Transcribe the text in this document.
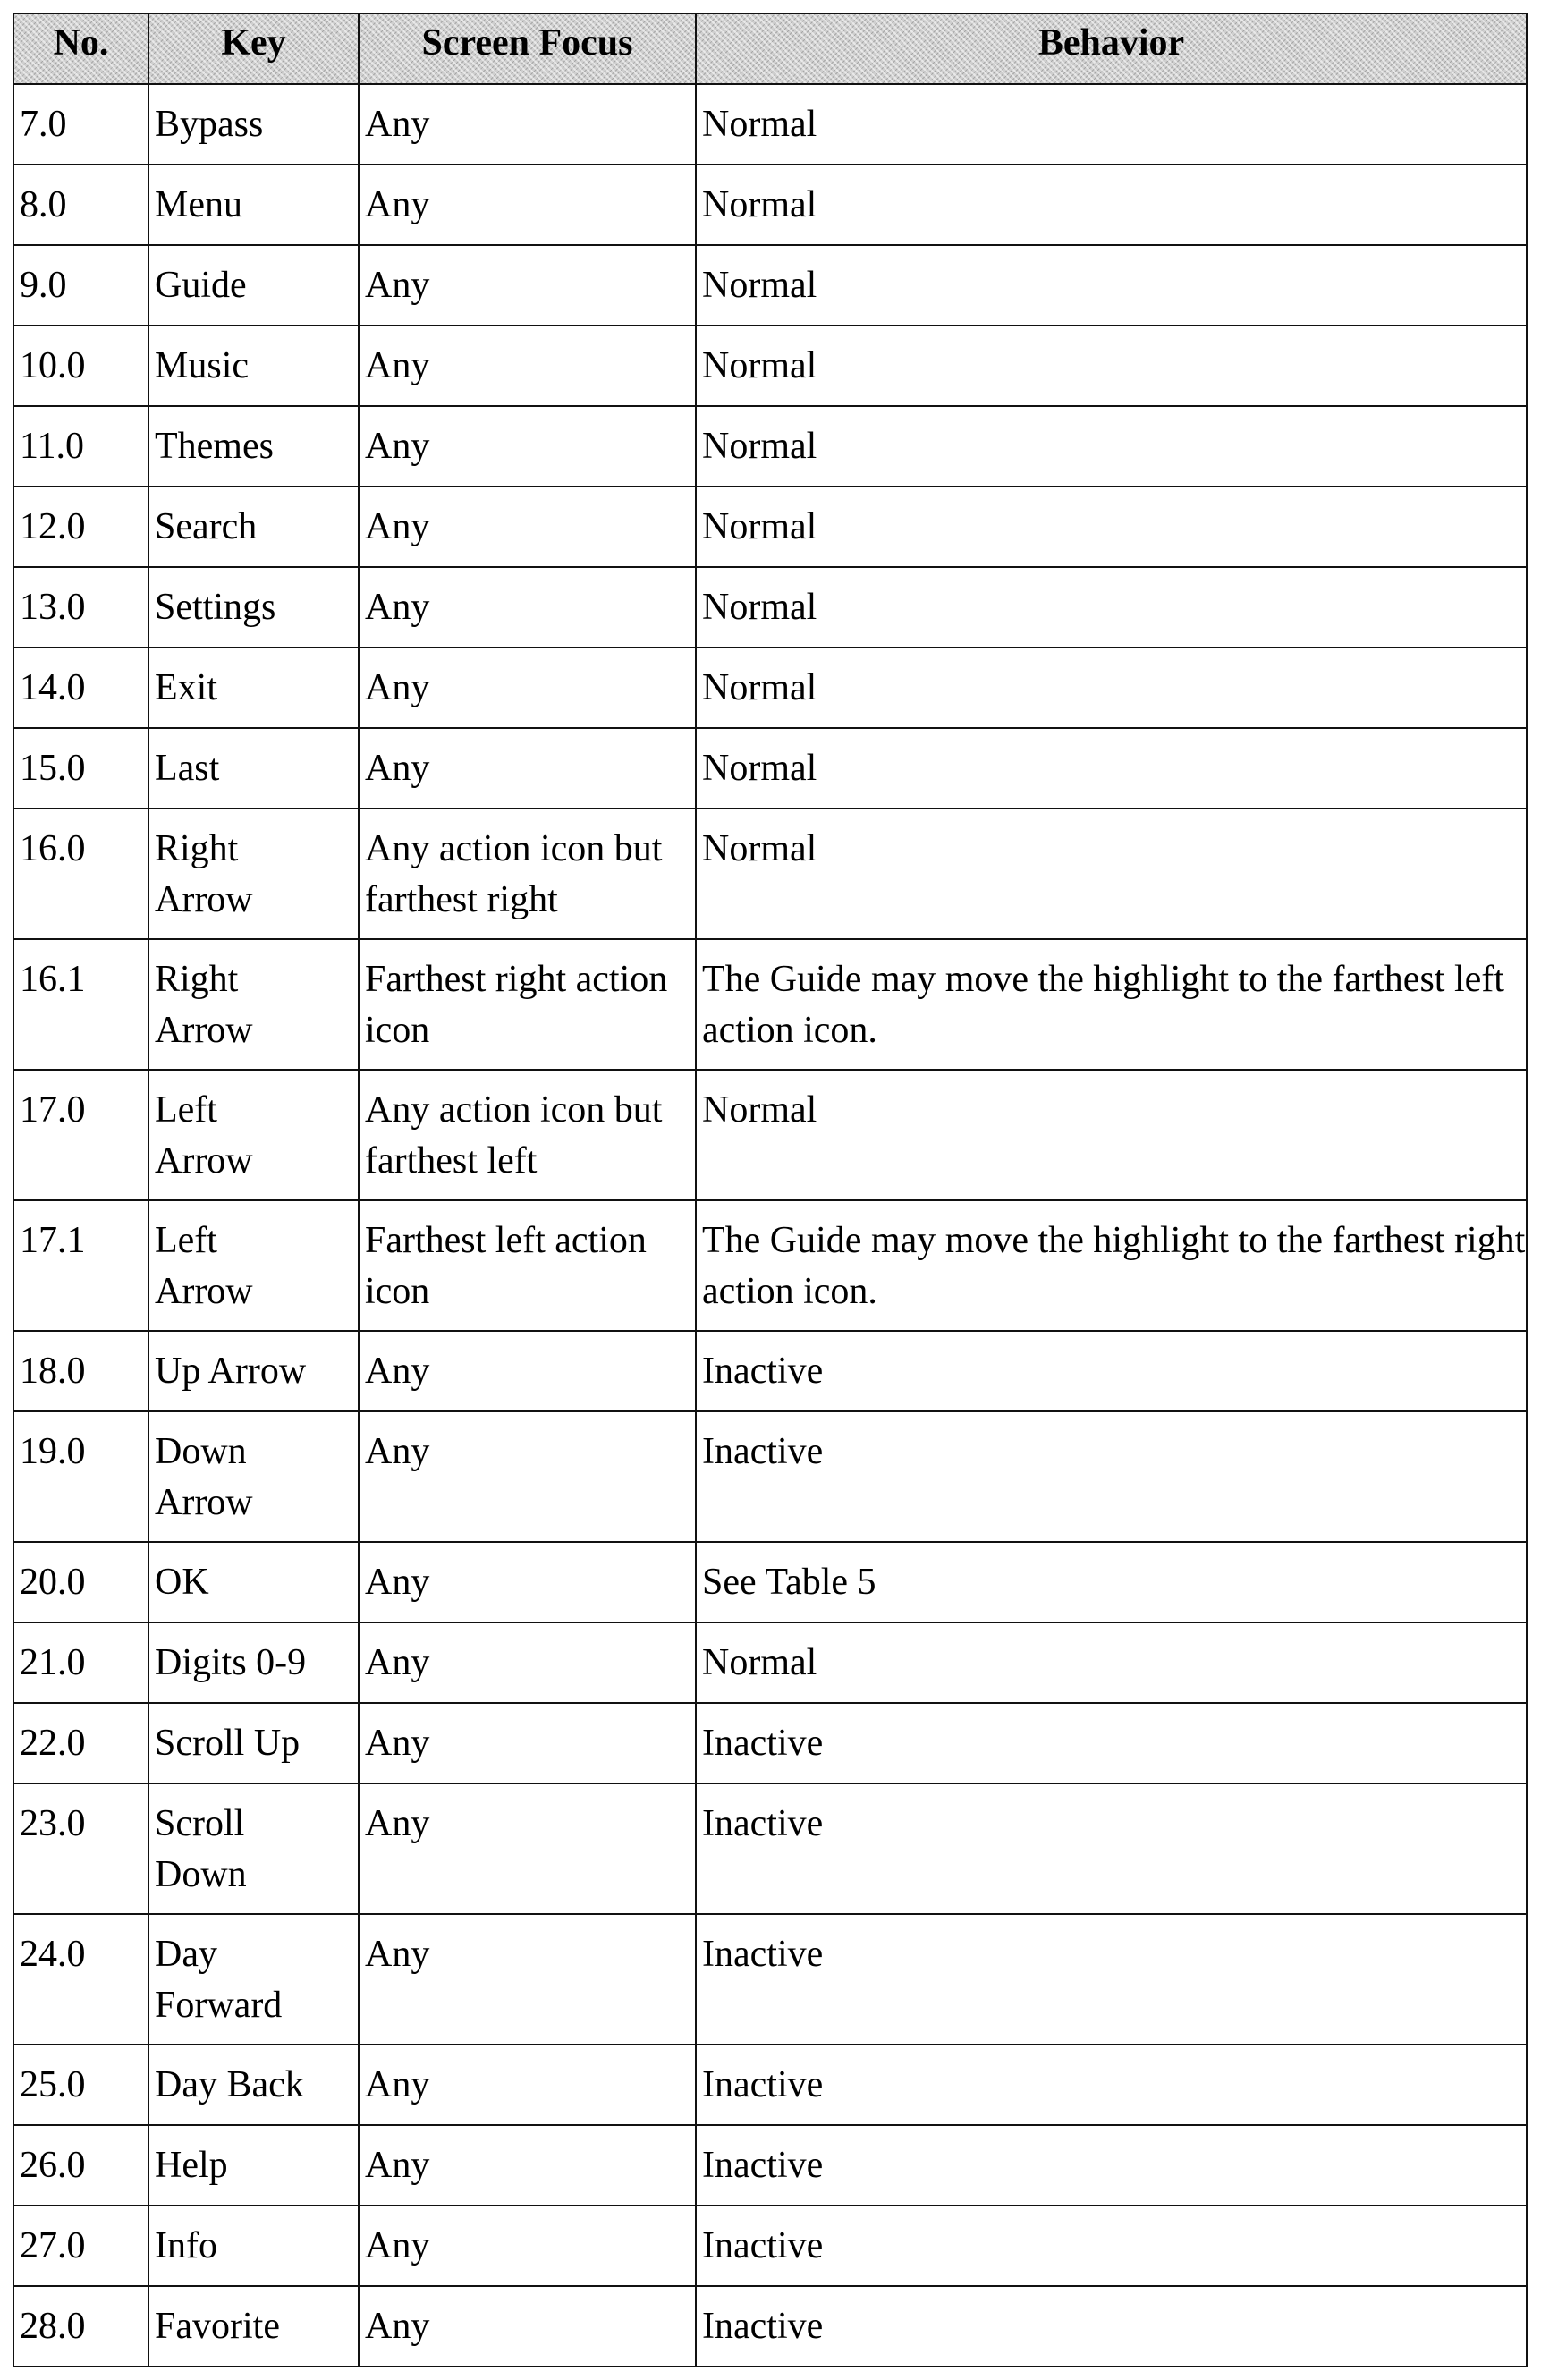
No.	Key	Screen Focus	Behavior
7.0	Bypass	Any	Normal
8.0	Menu	Any	Normal
9.0	Guide	Any	Normal
10.0	Music	Any	Normal
11.0	Themes	Any	Normal
12.0	Search	Any	Normal
13.0	Settings	Any	Normal
14.0	Exit	Any	Normal
15.0	Last	Any	Normal
16.0	Right Arrow	Any action icon but farthest right	Normal
16.1	Right Arrow	Farthest right action icon	The Guide may move the highlight to the farthest left action icon.
17.0	Left Arrow	Any action icon but farthest left	Normal
17.1	Left Arrow	Farthest left action icon	The Guide may move the highlight to the farthest right action icon.
18.0	Up Arrow	Any	Inactive
19.0	Down Arrow	Any	Inactive
20.0	OK	Any	See Table 5
21.0	Digits 0-9	Any	Normal
22.0	Scroll Up	Any	Inactive
23.0	Scroll Down	Any	Inactive
24.0	Day Forward	Any	Inactive
25.0	Day Back	Any	Inactive
26.0	Help	Any	Inactive
27.0	Info	Any	Inactive
28.0	Favorite	Any	Inactive
